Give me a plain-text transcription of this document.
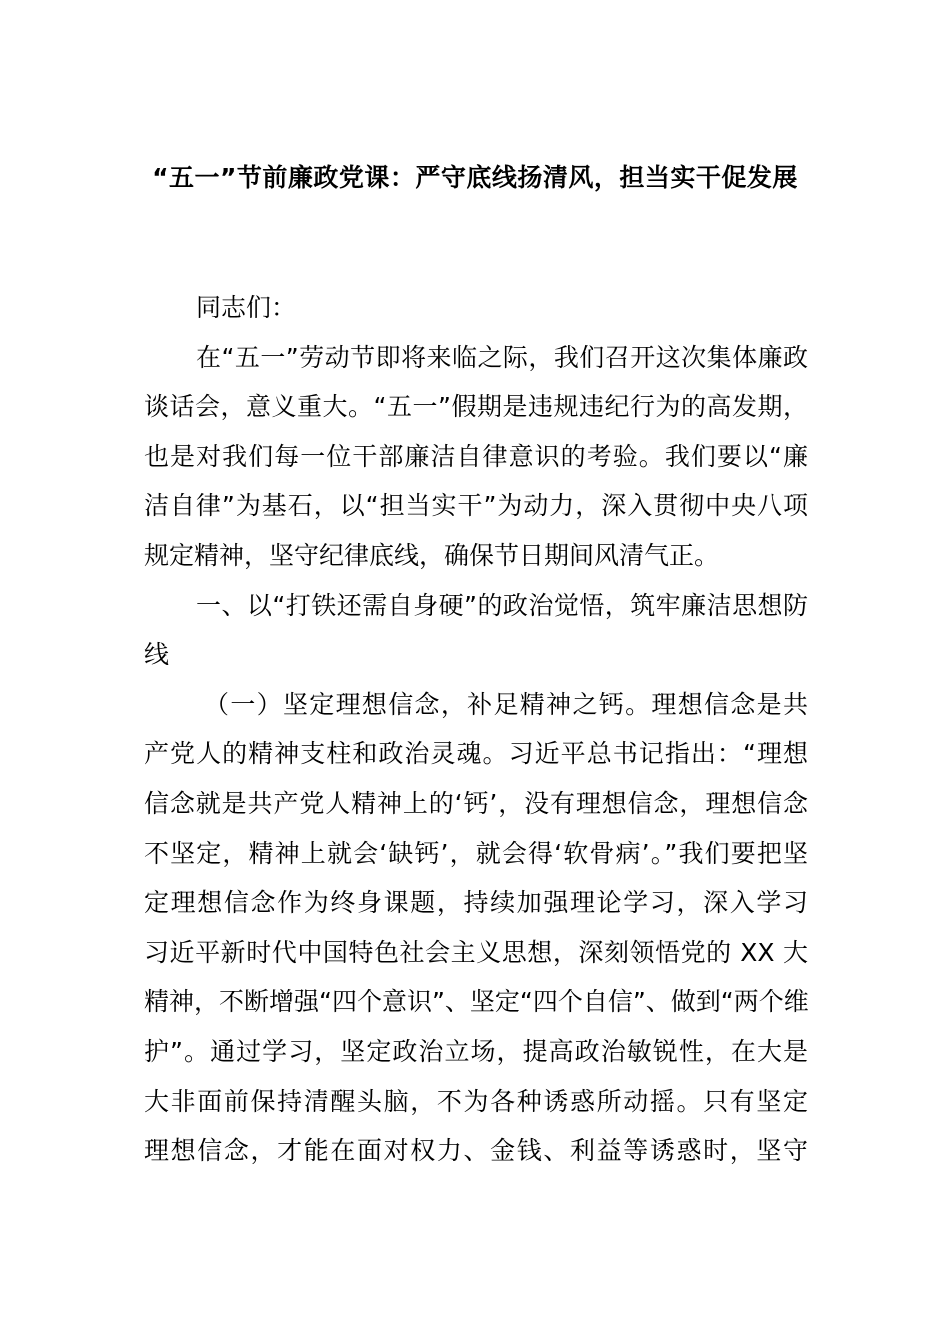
“五一”节前廉政党课：严守底线扬清风，担当实干促发展
同志们：
在“五一”劳动节即将来临之际，我们召开这次集体廉政
谈话会，意义重大。“五一”假期是违规违纪行为的高发期，
也是对我们每一位干部廉洁自律意识的考验。我们要以“廉
洁自律”为基石，以“担当实干”为动力，深入贯彻中央八项
规定精神，坚守纪律底线，确保节日期间风清气正。
一、以“打铁还需自身硬”的政治觉悟，筑牢廉洁思想防
线
（一）坚定理想信念，补足精神之钙。理想信念是共
产党人的精神支柱和政治灵魂。习近平总书记指出：“理想
信念就是共产党人精神上的‘钙’，没有理想信念，理想信念
不坚定，精神上就会‘缺钙’，就会得‘软骨病’。”我们要把坚
定理想信念作为终身课题，持续加强理论学习，深入学习
习近平新时代中国特色社会主义思想，深刻领悟党的 XX 大
精神，不断增强“四个意识”、坚定“四个自信”、做到“两个维
护”。通过学习，坚定政治立场，提高政治敏锐性，在大是
大非面前保持清醒头脑，不为各种诱惑所动摇。只有坚定
理想信念，才能在面对权力、金钱、利益等诱惑时，坚守
